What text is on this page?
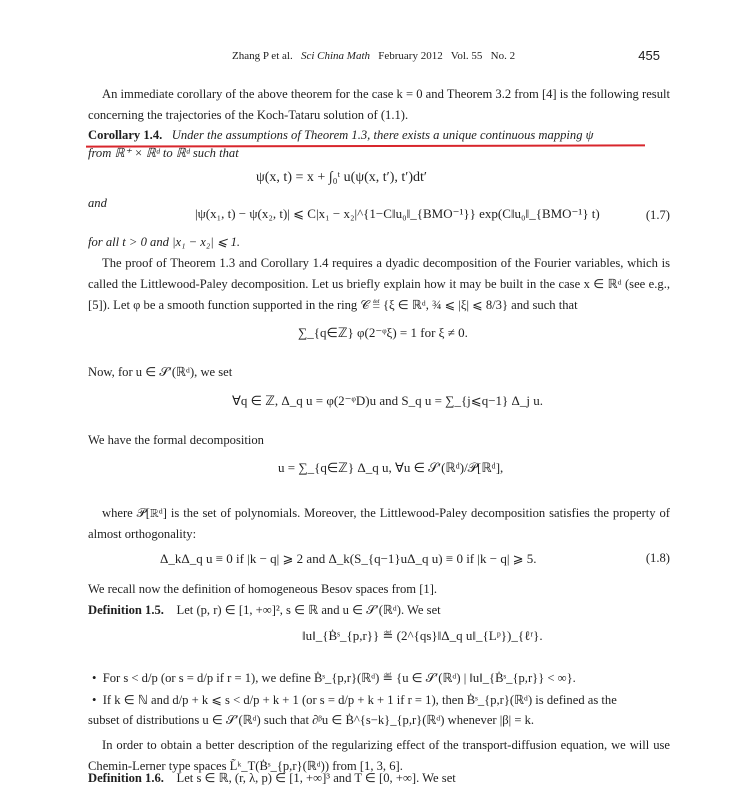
Zhang P et al. Sci China Math February 2012 Vol. 55 No. 2	455
An immediate corollary of the above theorem for the case k = 0 and Theorem 3.2 from [4] is the following result concerning the trajectories of the Koch-Tataru solution of (1.1).
Corollary 1.4. Under the assumptions of Theorem 1.3, there exists a unique continuous mapping ψ
from ℝ⁺ × ℝᵈ to ℝᵈ such that
ψ(x, t) = x + ∫₀ᵗ u(ψ(x, t′), t′)dt′
and
|ψ(x₁, t) − ψ(x₂, t)| ⩽ C|x₁ − x₂|^{1−C‖u₀‖_{BMO⁻¹}} exp(C‖u₀‖_{BMO⁻¹} t)	(1.7)
for all t > 0 and |x₁ − x₂| ⩽ 1.
The proof of Theorem 1.3 and Corollary 1.4 requires a dyadic decomposition of the Fourier variables, which is called the Littlewood-Paley decomposition. Let us briefly explain how it may be built in the case x ∈ ℝᵈ (see e.g., [5]). Let φ be a smooth function supported in the ring 𝒞 ≝ {ξ ∈ ℝᵈ, ¾ ⩽ |ξ| ⩽ 8/3} and such that
∑_{q∈ℤ} φ(2⁻ᵠξ) = 1 for ξ ≠ 0.
Now, for u ∈ 𝒮′(ℝᵈ), we set
∀q ∈ ℤ, Δ_q u = φ(2⁻ᵠD)u and S_q u = ∑_{j⩽q−1} Δ_j u.
We have the formal decomposition
u = ∑_{q∈ℤ} Δ_q u, ∀u ∈ 𝒮′(ℝᵈ)/𝒫[ℝᵈ],
where 𝒫[ℝᵈ] is the set of polynomials. Moreover, the Littlewood-Paley decomposition satisfies the property of almost orthogonality:
Δ_kΔ_q u ≡ 0 if |k − q| ⩾ 2 and Δ_k(S_{q−1}uΔ_q u) ≡ 0 if |k − q| ⩾ 5.	(1.8)
We recall now the definition of homogeneous Besov spaces from [1].
Definition 1.5. Let (p, r) ∈ [1, +∞]², s ∈ ℝ and u ∈ 𝒮′(ℝᵈ). We set
‖u‖_{Ḃˢ_{p,r}} ≝ (2^{qs}‖Δ_q u‖_{Lᵖ})_{ℓʳ}.
•  For s < d/p (or s = d/p if r = 1), we define Ḃˢ_{p,r}(ℝᵈ) ≝ {u ∈ 𝒮′(ℝᵈ) | ‖u‖_{Ḃˢ_{p,r}} < ∞}.
•  If k ∈ ℕ and d/p + k ⩽ s < d/p + k + 1 (or s = d/p + k + 1 if r = 1), then Ḃˢ_{p,r}(ℝᵈ) is defined as the
subset of distributions u ∈ 𝒮′(ℝᵈ) such that ∂ᵝu ∈ Ḃ^{s−k}_{p,r}(ℝᵈ) whenever |β| = k.
In order to obtain a better description of the regularizing effect of the transport-diffusion equation, we will use Chemin-Lerner type spaces L̃ᵏ_T(Ḃˢ_{p,r}(ℝᵈ)) from [1, 3, 6].
Definition 1.6. Let s ∈ ℝ, (r, λ, p) ∈ [1, +∞]³ and T ∈ [0, +∞]. We set
